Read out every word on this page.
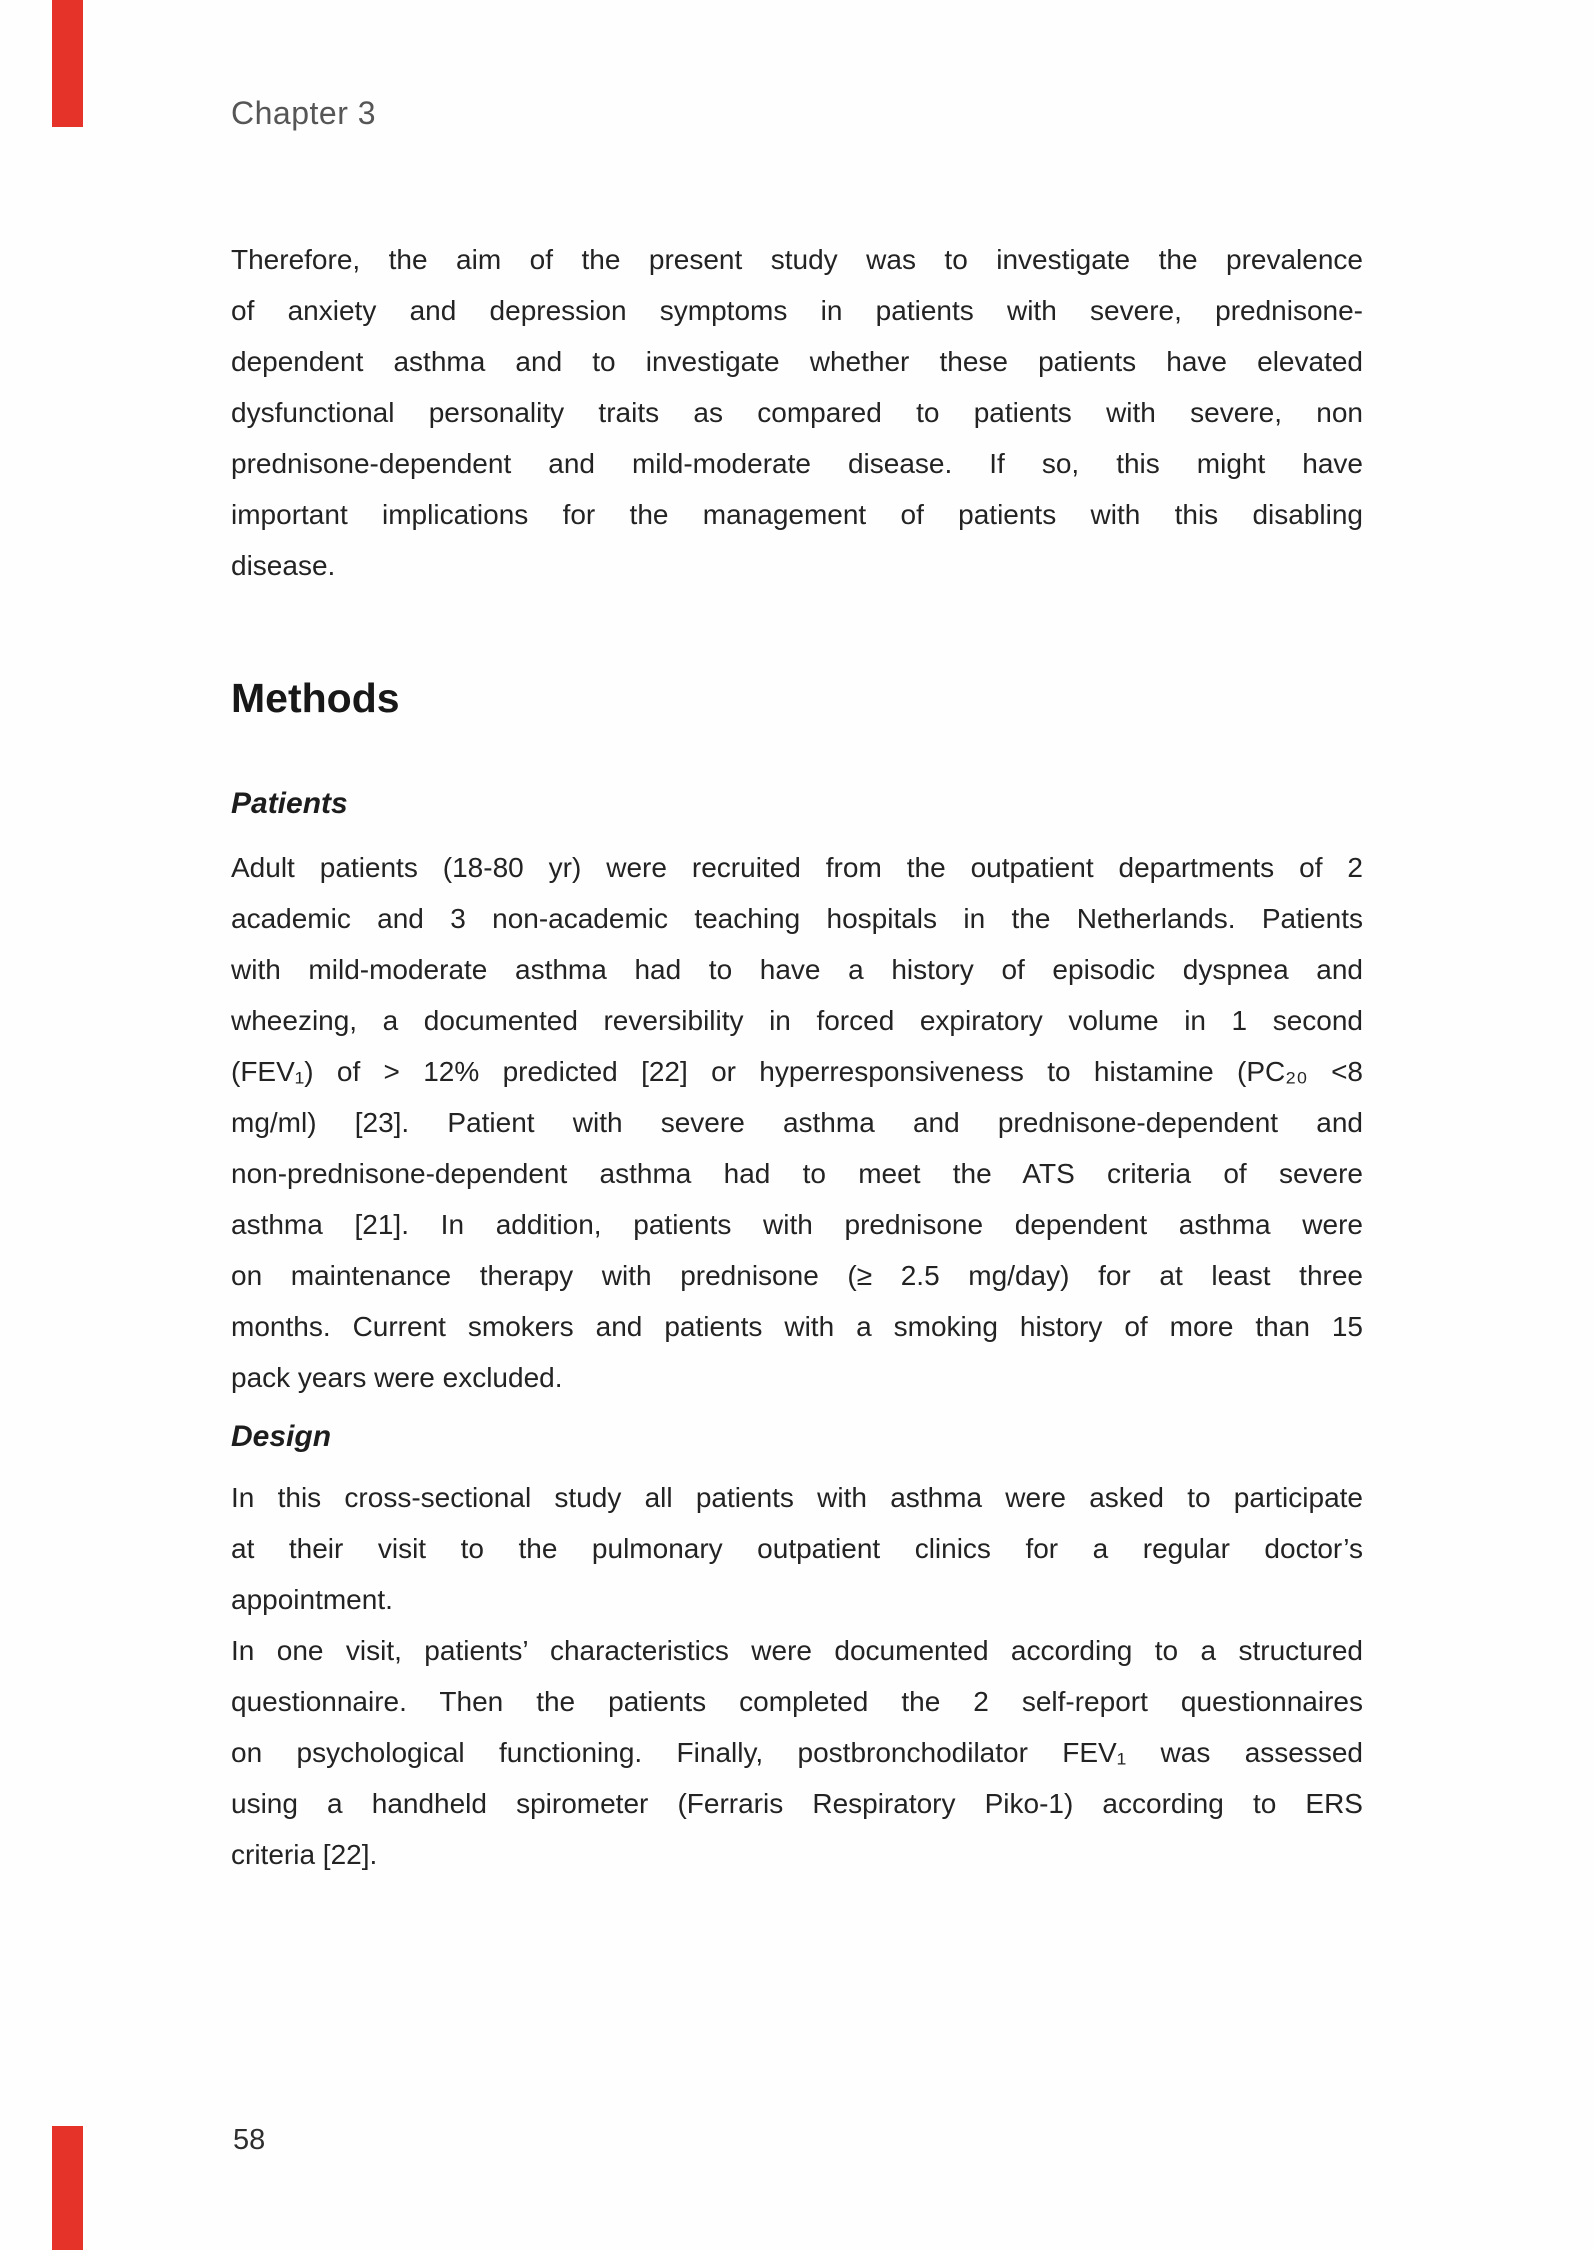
Chapter 3
Therefore, the aim of the present study was to investigate the prevalence
of anxiety and depression symptoms in patients with severe, prednisone-
dependent asthma and to investigate whether these patients have elevated
dysfunctional personality traits as compared to patients with severe, non
prednisone-dependent and mild-moderate disease. If so, this might have
important implications for the management of patients with this disabling
disease.
Methods
Patients
Adult patients (18-80 yr) were recruited from the outpatient departments of 2
academic and 3 non-academic teaching hospitals in the Netherlands. Patients
with mild-moderate asthma had to have a history of episodic dyspnea and
wheezing, a documented reversibility in forced expiratory volume in 1 second
(FEV₁) of > 12% predicted [22] or hyperresponsiveness to histamine (PC₂₀ <8
mg/ml) [23]. Patient with severe asthma and prednisone-dependent and
non-prednisone-dependent asthma had to meet the ATS criteria of severe
asthma [21]. In addition, patients with prednisone dependent asthma were
on maintenance therapy with prednisone (≥ 2.5 mg/day) for at least three
months. Current smokers and patients with a smoking history of more than 15
pack years were excluded.
Design
In this cross-sectional study all patients with asthma were asked to participate
at their visit to the pulmonary outpatient clinics for a regular doctor’s
appointment.
In one visit, patients’ characteristics were documented according to a structured
questionnaire. Then the patients completed the 2 self-report questionnaires
on psychological functioning. Finally, postbronchodilator FEV₁ was assessed
using a handheld spirometer (Ferraris Respiratory Piko-1) according to ERS
criteria [22].
58
